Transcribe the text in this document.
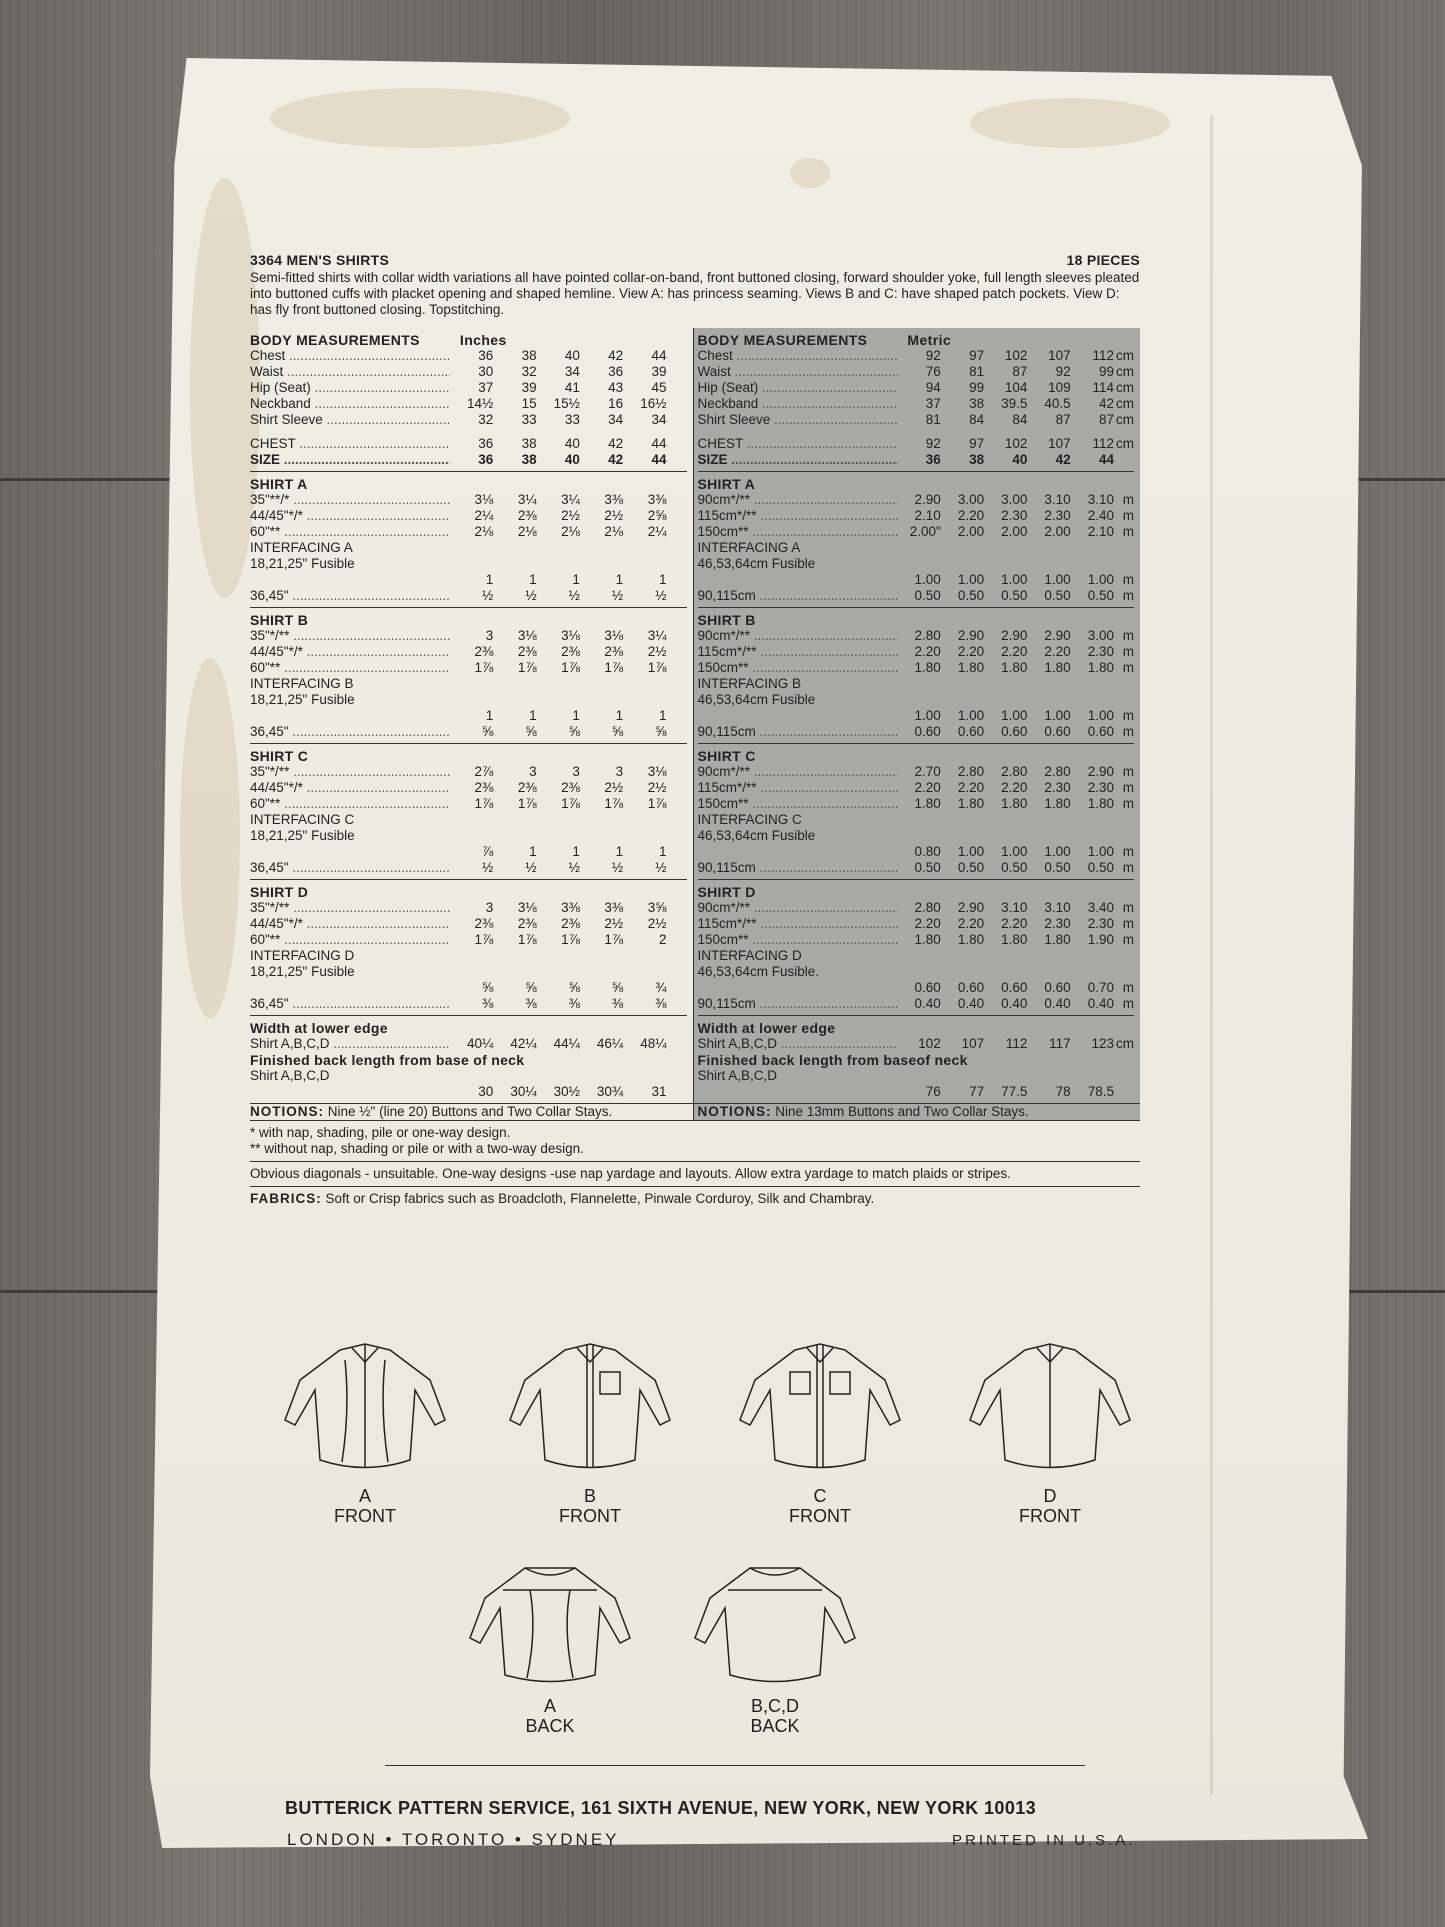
3364 MEN'S SHIRTS	18 PIECES
Semi-fitted shirts with collar width variations all have pointed collar-on-band, front buttoned closing, forward shoulder yoke, full length sleeves pleated into buttoned cuffs with placket opening and shaped hemline. View A: has princess seaming. Views B and C: have shaped patch pockets. View D: has fly front buttoned closing. Topstitching.
BODY MEASUREMENTS	Inches
Chest .....	36	38	40	42	44
Waist .....	30	32	34	36	39
Hip (Seat) .....	37	39	41	43	45
Neckband .....	14½	15	15½	16	16½
Shirt Sleeve .....	32	33	33	34	34
CHEST .....	36	38	40	42	44
SIZE .....	36	38	40	42	44
SHIRT A
35"**/* .....	3⅛	3¼	3¼	3⅜	3⅜
44/45"*/* .....	2¼	2⅜	2½	2½	2⅝
60"** .....	2⅛	2⅛	2⅛	2⅛	2¼
INTERFACING A
18,21,25" Fusible
1	1	1	1	1
36,45" .....	½	½	½	½	½
SHIRT B
35"*/** .....	3	3⅛	3⅛	3⅛	3¼
44/45"*/* .....	2⅜	2⅜	2⅜	2⅜	2½
60"** .....	1⅞	1⅞	1⅞	1⅞	1⅞
INTERFACING B
18,21,25" Fusible
1	1	1	1	1
36,45" .....	⅝	⅝	⅝	⅝	⅝
SHIRT C
35"*/** .....	2⅞	3	3	3	3⅛
44/45"*/* .....	2⅜	2⅜	2⅜	2½	2½
60"** .....	1⅞	1⅞	1⅞	1⅞	1⅞
INTERFACING C
18,21,25" Fusible
⅞	1	1	1	1
36,45" .....	½	½	½	½	½
SHIRT D
35"*/** .....	3	3⅛	3⅜	3⅜	3⅝
44/45"*/* .....	2⅜	2⅜	2⅜	2½	2½
60"** .....	1⅞	1⅞	1⅞	1⅞	2
INTERFACING D
18,21,25" Fusible
⅝	⅝	⅝	⅝	¾
36,45" .....	⅜	⅜	⅜	⅜	⅜
Width at lower edge
Shirt A,B,C,D .....	40¼	42¼	44¼	46¼	48¼
Finished back length from base of neck
Shirt A,B,C,D
30	30¼	30½	30¾	31
BODY MEASUREMENTS	Metric
Chest .....	92	97	102	107	112 cm
Waist .....	76	81	87	92	99 cm
Hip (Seat) .....	94	99	104	109	114 cm
Neckband .....	37	38	39.5	40.5	42 cm
Shirt Sleeve .....	81	84	84	87	87 cm
CHEST .....	92	97	102	107	112 cm
SIZE .....	36	38	40	42	44
SHIRT A
90cm*/** .....	2.90	3.00	3.00	3.10	3.10 m
115cm*/** .....	2.10	2.20	2.30	2.30	2.40 m
150cm** .....	2.00"	2.00	2.00	2.00	2.10 m
INTERFACING A
46,53,64cm Fusible
1.00	1.00	1.00	1.00	1.00 m
90,115cm .....	0.50	0.50	0.50	0.50	0.50 m
SHIRT B
90cm*/** .....	2.80	2.90	2.90	2.90	3.00 m
115cm*/** .....	2.20	2.20	2.20	2.20	2.30 m
150cm** .....	1.80	1.80	1.80	1.80	1.80 m
INTERFACING B
46,53,64cm Fusible
1.00	1.00	1.00	1.00	1.00 m
90,115cm .....	0.60	0.60	0.60	0.60	0.60 m
SHIRT C
90cm*/** .....	2.70	2.80	2.80	2.80	2.90 m
115cm*/** .....	2.20	2.20	2.20	2.30	2.30 m
150cm** .....	1.80	1.80	1.80	1.80	1.80 m
INTERFACING C
46,53,64cm Fusible
0.80	1.00	1.00	1.00	1.00 m
90,115cm .....	0.50	0.50	0.50	0.50	0.50 m
SHIRT D
90cm*/** .....	2.80	2.90	3.10	3.10	3.40 m
115cm*/** .....	2.20	2.20	2.20	2.30	2.30 m
150cm** .....	1.80	1.80	1.80	1.80	1.90 m
INTERFACING D
46,53,64cm Fusible.
0.60	0.60	0.60	0.60	0.70 m
90,115cm .....	0.40	0.40	0.40	0.40	0.40 m
Width at lower edge
Shirt A,B,C,D .....	102	107	112	117	123 cm
Finished back length from baseof neck
Shirt A,B,C,D
76	77	77.5	78	78.5
NOTIONS: Nine ½" (line 20) Buttons and Two Collar Stays.	NOTIONS: Nine 13mm Buttons and Two Collar Stays.
* with nap, shading, pile or one-way design.
** without nap, shading or pile or with a two-way design.
Obvious diagonals - unsuitable. One-way designs -use nap yardage and layouts. Allow extra yardage to match plaids or stripes.
FABRICS: Soft or Crisp fabrics such as Broadcloth, Flannelette, Pinwale Corduroy, Silk and Chambray.
A
FRONT
B
FRONT
C
FRONT
D
FRONT
A
BACK
B,C,D
BACK
BUTTERICK PATTERN SERVICE, 161 SIXTH AVENUE, NEW YORK, NEW YORK 10013
LONDON • TORONTO • SYDNEY	PRINTED IN U.S.A.
